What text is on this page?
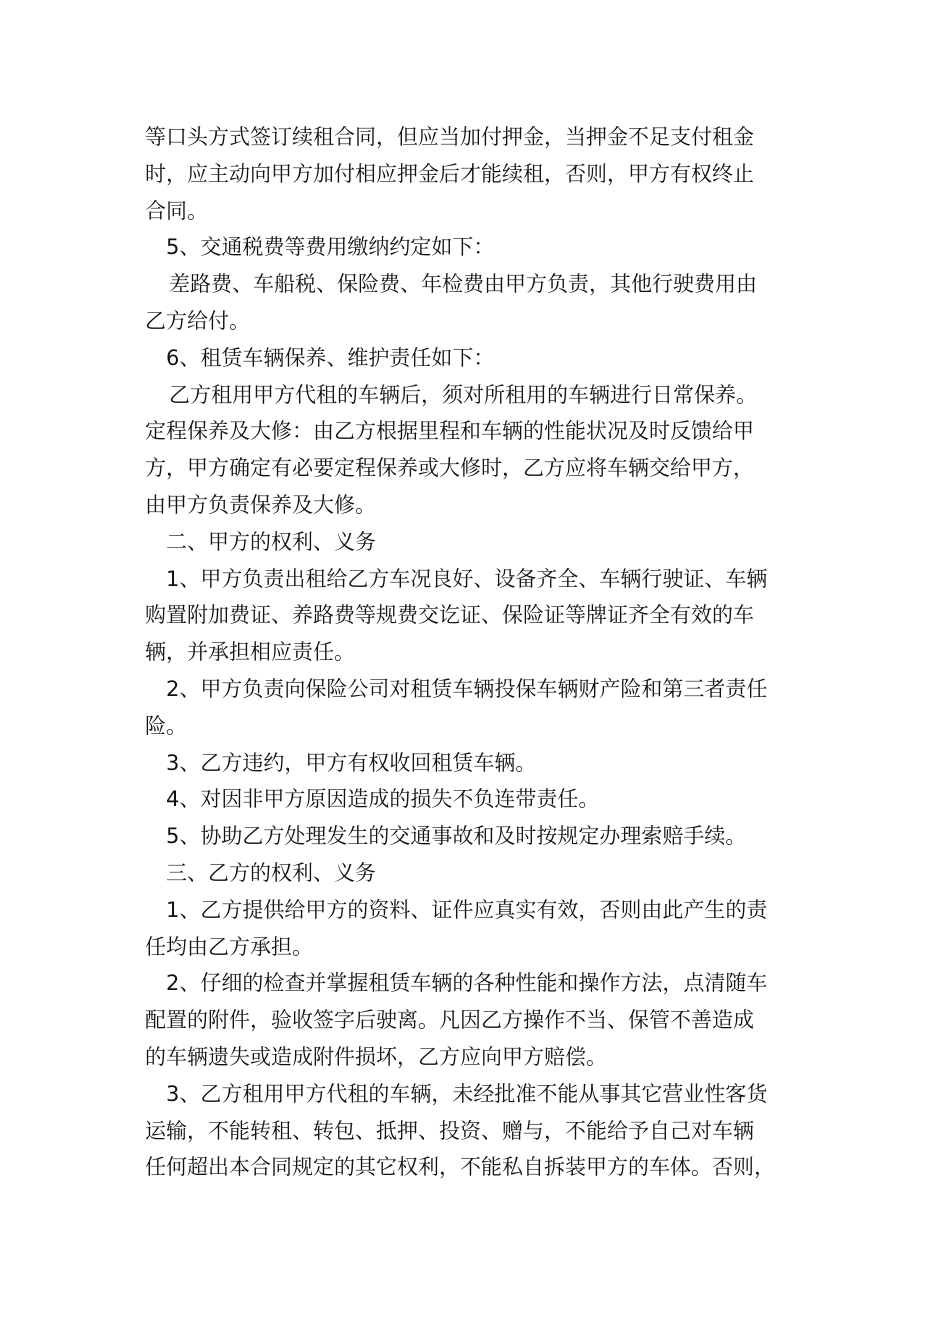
等口头方式签订续租合同，但应当加付押金，当押金不足支付租金
时，应主动向甲方加付相应押金后才能续租，否则，甲方有权终止
合同。
5、交通税费等费用缴纳约定如下：
差路费、车船税、保险费、年检费由甲方负责，其他行驶费用由
乙方给付。
6、租赁车辆保养、维护责任如下：
乙方租用甲方代租的车辆后，须对所租用的车辆进行日常保养。
定程保养及大修：由乙方根据里程和车辆的性能状况及时反馈给甲
方，甲方确定有必要定程保养或大修时，乙方应将车辆交给甲方，
由甲方负责保养及大修。
二、甲方的权利、义务
1、甲方负责出租给乙方车况良好、设备齐全、车辆行驶证、车辆
购置附加费证、养路费等规费交讫证、保险证等牌证齐全有效的车
辆，并承担相应责任。
2、甲方负责向保险公司对租赁车辆投保车辆财产险和第三者责任
险。
3、乙方违约，甲方有权收回租赁车辆。
4、对因非甲方原因造成的损失不负连带责任。
5、协助乙方处理发生的交通事故和及时按规定办理索赔手续。
三、乙方的权利、义务
1、乙方提供给甲方的资料、证件应真实有效，否则由此产生的责
任均由乙方承担。
2、仔细的检查并掌握租赁车辆的各种性能和操作方法，点清随车
配置的附件，验收签字后驶离。凡因乙方操作不当、保管不善造成
的车辆遗失或造成附件损坏，乙方应向甲方赔偿。
3、乙方租用甲方代租的车辆，未经批准不能从事其它营业性客货
运输，不能转租、转包、抵押、投资、赠与，不能给予自己对车辆
任何超出本合同规定的其它权利，不能私自拆装甲方的车体。否则，
